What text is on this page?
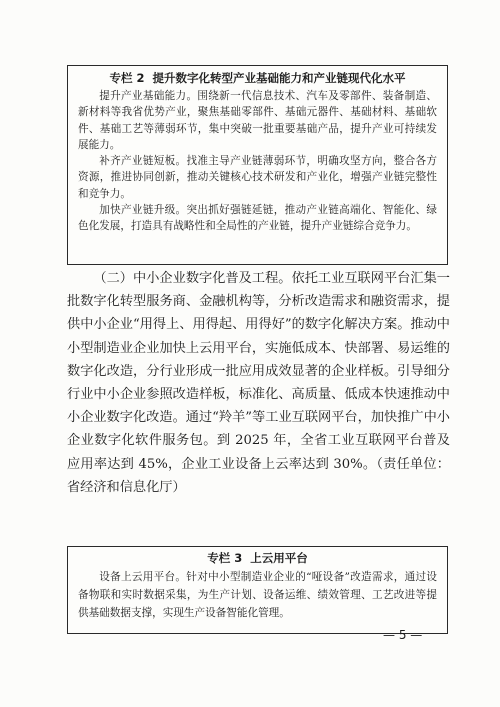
专栏 2 提升数字化转型产业基础能力和产业链现代化水平

提升产业基础能力。围绕新一代信息技术、汽车及零部件、装备制造、新材料等我省优势产业，聚焦基础零部件、基础元器件、基础材料、基础软件、基础工艺等薄弱环节，集中突破一批重要基础产品，提升产业可持续发展能力。

补齐产业链短板。找准主导产业链薄弱环节，明确攻坚方向，整合各方资源，推进协同创新，推动关键核心技术研发和产业化，增强产业链完整性和竞争力。

加快产业链升级。突出抓好强链延链，推动产业链高端化、智能化、绿色化发展，打造具有战略性和全局性的产业链，提升产业链综合竞争力。

（二）中小企业数字化普及工程。依托工业互联网平台汇集一批数字化转型服务商、金融机构等，分析改造需求和融资需求，提供中小企业“用得上、用得起、用得好”的数字化解决方案。推动中小型制造业企业加快上云用平台，实施低成本、快部署、易运维的数字化改造，分行业形成一批应用成效显著的企业样板。引导细分行业中小企业参照改造样板，标准化、高质量、低成本快速推动中小企业数字化改造。通过“羚羊”等工业互联网平台，加快推广中小企业数字化软件服务包。到 2025 年，全省工业互联网平台普及应用率达到 45%，企业工业设备上云率达到 30%。（责任单位：省经济和信息化厅）

专栏 3 上云用平台

设备上云用平台。针对中小型制造业企业的“哑设备”改造需求，通过设备物联和实时数据采集，为生产计划、设备运维、绩效管理、工艺改进等提供基础数据支撑，实现生产设备智能化管理。

— 5 —
